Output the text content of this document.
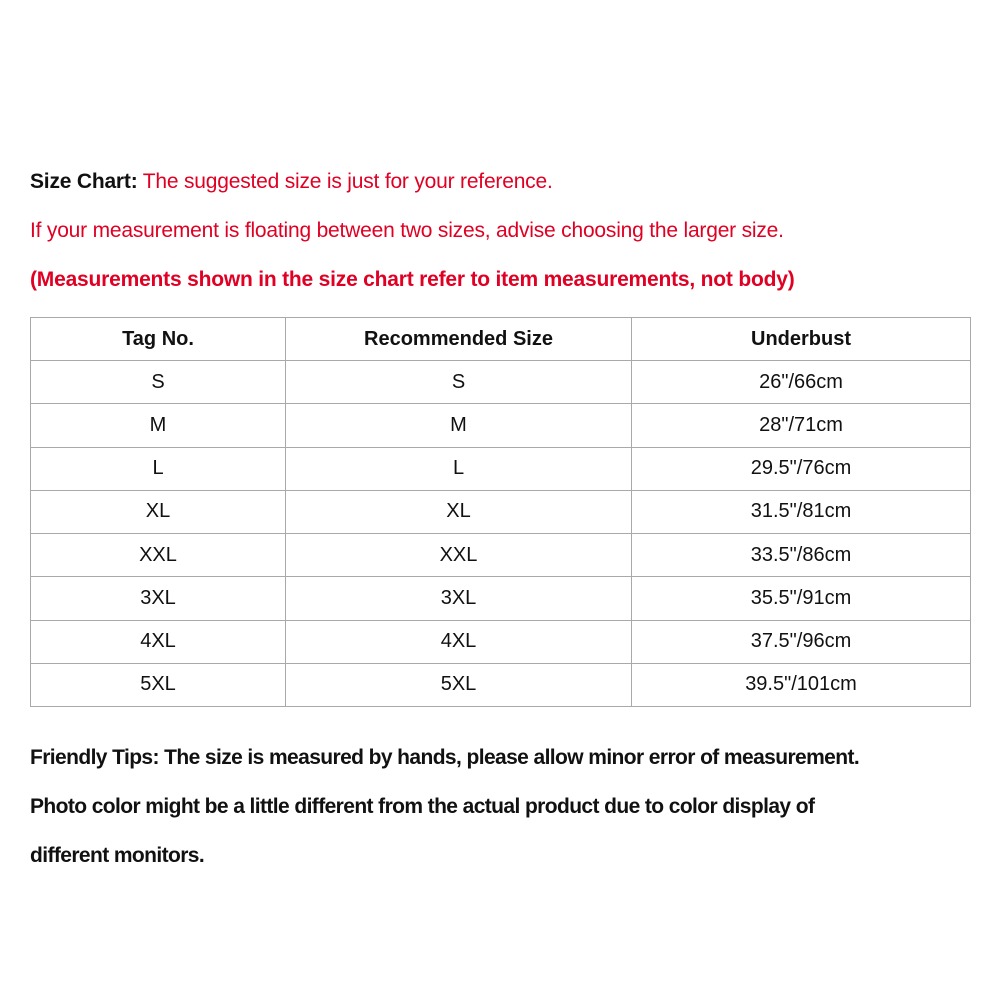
Size Chart: The suggested size is just for your reference.

If your measurement is floating between two sizes, advise choosing the larger size.

(Measurements shown in the size chart refer to item measurements, not body)

Tag No.	Recommended Size	Underbust
S	S	26"/66cm
M	M	28"/71cm
L	L	29.5"/76cm
XL	XL	31.5"/81cm
XXL	XXL	33.5"/86cm
3XL	3XL	35.5"/91cm
4XL	4XL	37.5"/96cm
5XL	5XL	39.5"/101cm

Friendly Tips: The size is measured by hands, please allow minor error of measurement.

Photo color might be a little different from the actual product due to color display of

different monitors.
